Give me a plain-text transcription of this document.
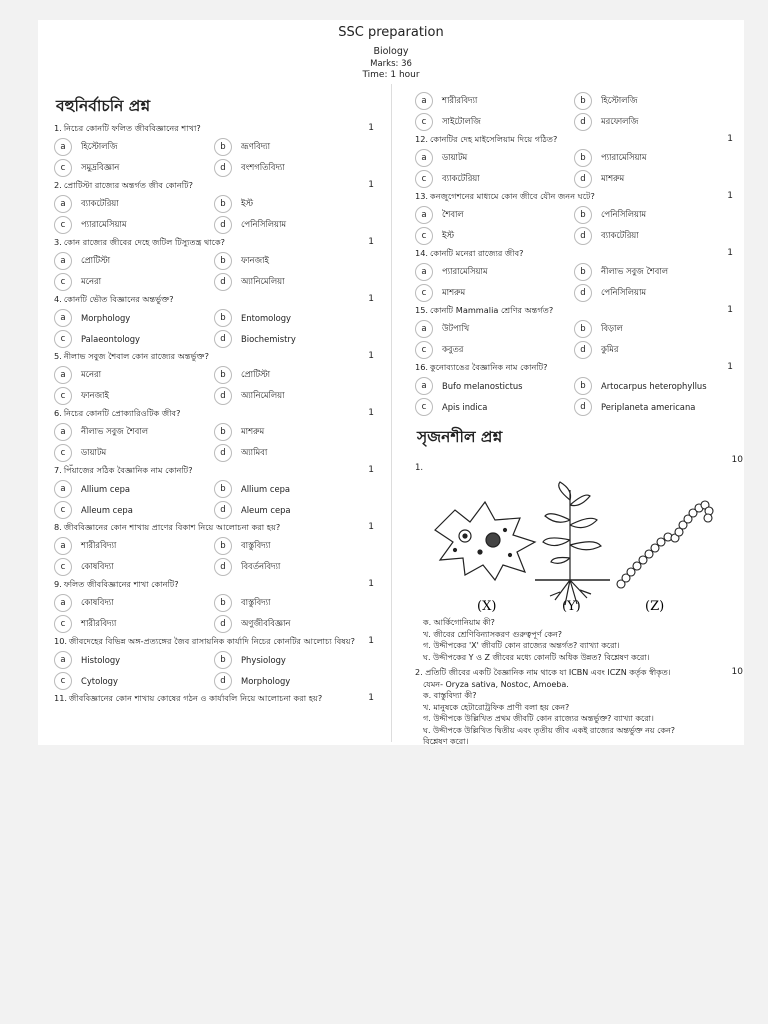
SSC preparation
Biology
Marks: 36
Time: 1 hour
বহুনির্বাচনি প্রশ্ন
1. নিচের কোনটি ফলিত জীববিজ্ঞানের শাখা?	1
a	হিস্টোলজি	b	ভ্রূণবিদ্যা
c	সমুদ্রবিজ্ঞান	d	বংশগতিবিদ্যা
2. প্রোটিস্টা রাজ্যের অন্তর্গত জীব কোনটি?	1
a	ব্যাকটেরিয়া	b	ইস্ট
c	প্যারামেসিয়াম	d	পেনিসিলিয়াম
3. কোন রাজ্যের জীবের দেহে জটিল টিস্যুতন্ত্র থাকে?	1
a	প্রোটিস্টা	b	ফানজাই
c	মনেরা	d	অ্যানিমেলিয়া
4. কোনটি ভৌত বিজ্ঞানের অন্তর্ভুক্ত?	1
a	Morphology	b	Entomology
c	Palaeontology	d	Biochemistry
5. নীলাভ সবুজ শৈবাল কোন রাজ্যের অন্তর্ভুক্ত?	1
a	মনেরা	b	প্রোটিস্টা
c	ফানজাই	d	অ্যানিমেলিয়া
6. নিচের কোনটি প্রোক্যারিওটিক জীব?	1
a	নীলাভ সবুজ শৈবাল	b	মাশরুম
c	ডায়াটম	d	অ্যামিবা
7. পিঁয়াজের সঠিক বৈজ্ঞানিক নাম কোনটি?	1
a	Allium cepa	b	Allium cepa
c	Alleum cepa	d	Aleum cepa
8. জীববিজ্ঞানের কোন শাখায় প্রাণের বিকাশ নিয়ে আলোচনা করা হয়?	1
a	শারীরবিদ্যা	b	বাস্তুবিদ্যা
c	কোষবিদ্যা	d	বিবর্তনবিদ্যা
9. ফলিত জীববিজ্ঞানের শাখা কোনটি?	1
a	কোষবিদ্যা	b	বাস্তুবিদ্যা
c	শারীরবিদ্যা	d	অণুজীববিজ্ঞান
10. জীবদেহের বিভিন্ন অঙ্গ-প্রত্যঙ্গের জৈব রাসায়নিক কার্যাদি নিচের কোনটির আলোচ্য বিষয়? 1
a	Histology	b	Physiology
c	Cytology	d	Morphology
11. জীববিজ্ঞানের কোন শাখায় কোষের গঠন ও কার্যাবলি নিয়ে আলোচনা করা হয়?	1
a	শারীরবিদ্যা	b	হিস্টোলজি
c	সাইটোলজি	d	মরফোলজি
12. কোনটির দেহ মাইসেলিয়াম দিয়ে গঠিত?	1
a	ডায়াটম	b	প্যারামেসিয়াম
c	ব্যাকটেরিয়া	d	মাশরুম
13. কনজুগেশনের মাধ্যমে কোন জীবে যৌন জনন ঘটে?	1
a	শৈবাল	b	পেনিসিলিয়াম
c	ইস্ট	d	ব্যাকটেরিয়া
14. কোনটি মনেরা রাজ্যের জীব?	1
a	প্যারামেসিয়াম	b	নীলাভ সবুজ শৈবাল
c	মাশরুম	d	পেনিসিলিয়াম
15. কোনটি Mammalia শ্রেণির অন্তর্গত?	1
a	উটপাখি	b	বিড়াল
c	কবুতর	d	কুমির
16. কুনোব্যাঙের বৈজ্ঞানিক নাম কোনটি?	1
a	Bufo melanostictus	b	Artocarpus heterophyllus
c	Apis indica	d	Periplaneta americana
সৃজনশীল প্রশ্ন
1.
10
(X)	(Y)	(Z)
ক. আর্কিগোনিয়াম কী?
খ. জীবের শ্রেণিবিন্যাসকরণ গুরুত্বপূর্ণ কেন?
গ. উদ্দীপকের 'X' জীবটি কোন রাজ্যের অন্তর্গত? ব্যাখ্যা করো।
ঘ. উদ্দীপকের Y ও Z জীবের মধ্যে কোনটি অধিক উন্নত? বিশ্লেষণ করো।
10
2. প্রতিটি জীবের একটি বৈজ্ঞানিক নাম থাকে যা ICBN এবং ICZN কর্তৃক স্বীকৃত।
যেমন- Oryza sativa, Nostoc, Amoeba.
ক. বাস্তুবিদ্যা কী?
খ. মানুষকে হেটারোট্রফিক প্রাণী বলা হয় কেন?
গ. উদ্দীপকে উল্লিখিত প্রথম জীবটি কোন রাজ্যের অন্তর্ভুক্ত? ব্যাখ্যা করো।
ঘ. উদ্দীপকে উল্লিখিত দ্বিতীয় এবং তৃতীয় জীব একই রাজ্যের অন্তর্ভুক্ত নয় কেন?
বিশ্লেষণ করো।
